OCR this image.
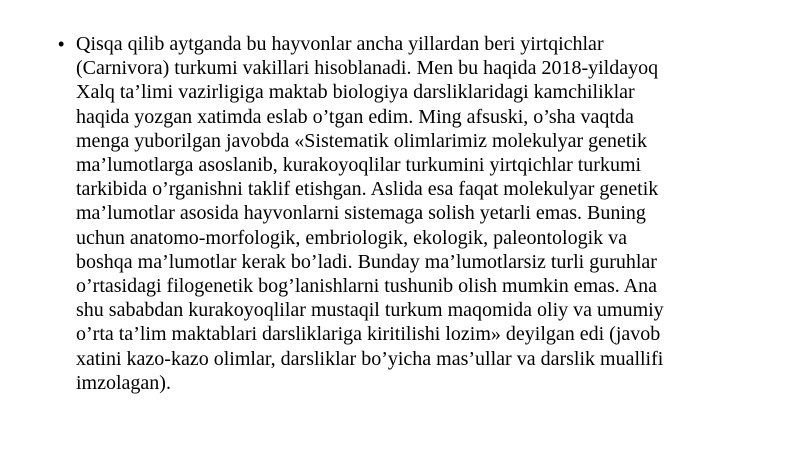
• Qisqa qilib aytganda bu hayvonlar ancha yillardan beri yirtqichlar
(Carnivora) turkumi vakillari hisoblanadi. Men bu haqida 2018-yildayoq
Xalq ta’limi vazirligiga maktab biologiya darsliklaridagi kamchiliklar
haqida yozgan xatimda eslab o’tgan edim. Ming afsuski, o’sha vaqtda
menga yuborilgan javobda «Sistematik olimlarimiz molekulyar genetik
ma’lumotlarga asoslanib, kurakoyoqlilar turkumini yirtqichlar turkumi
tarkibida o’rganishni taklif etishgan. Aslida esa faqat molekulyar genetik
ma’lumotlar asosida hayvonlarni sistemaga solish yetarli emas. Buning
uchun anatomo-morfologik, embriologik, ekologik, paleontologik va
boshqa ma’lumotlar kerak bo’ladi. Bunday ma’lumotlarsiz turli guruhlar
o’rtasidagi filogenetik bog’lanishlarni tushunib olish mumkin emas. Ana
shu sababdan kurakoyoqlilar mustaqil turkum maqomida oliy va umumiy
o’rta ta’lim maktablari darsliklariga kiritilishi lozim» deyilgan edi (javob
xatini kazo-kazo olimlar, darsliklar bo’yicha mas’ullar va darslik muallifi
imzolagan).
